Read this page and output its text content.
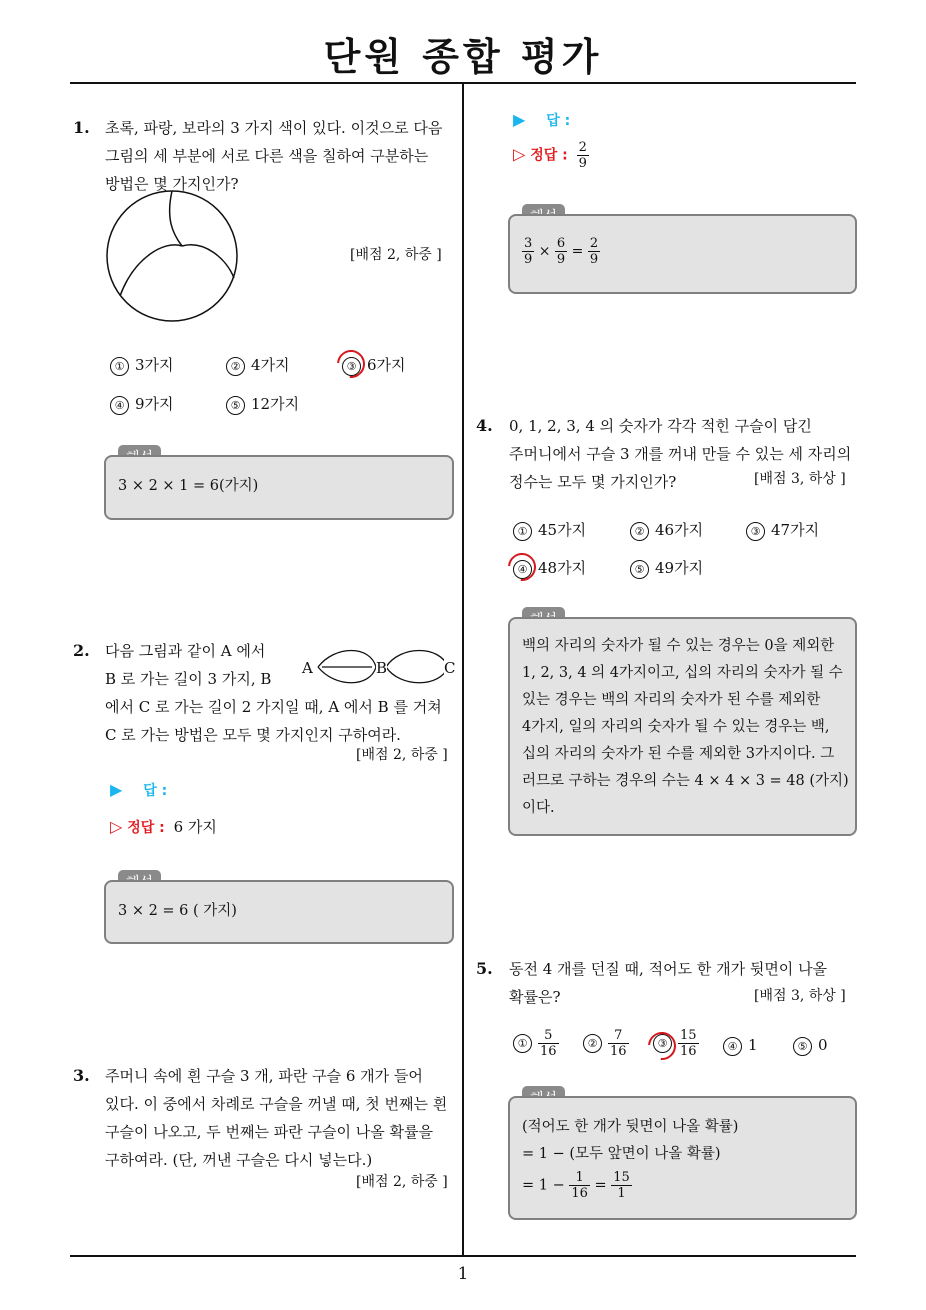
단원 종합 평가
1
1. 초록, 파랑, 보라의 3 가지 색이 있다. 이것으로 다음
그림의 세 부분에 서로 다른 색을 칠하여 구분하는
방법은 몇 가지인가?
[배점 2, 하중 ]
① 3가지	② 4가지	③ 6가지
④ 9가지	⑤ 12가지
3 × 2 × 1 = 6(가지)
2. 다음 그림과 같이 A 에서
B 로 가는 길이 3 가지, B
에서 C 로 가는 길이 2 가지일 때, A 에서 B 를 거쳐
C 로 가는 방법은 모두 몇 가지인지 구하여라.
A	B	C
[배점 2, 하중 ]
▶ 답 :
▷ 정답 : 6 가지
3 × 2 = 6 ( 가지)
3. 주머니 속에 흰 구슬 3 개, 파란 구슬 6 개가 들어
있다. 이 중에서 차례로 구슬을 꺼낼 때, 첫 번째는 흰
구슬이 나오고, 두 번째는 파란 구슬이 나올 확률을
구하여라. (단, 꺼낸 구슬은 다시 넣는다.)
[배점 2, 하중 ]
▶ 답 :
▷ 정답 : $\frac{2}{9}$
$\frac{3}{9} \times \frac{6}{9} = \frac{2}{9}$
4. 0, 1, 2, 3, 4 의 숫자가 각각 적힌 구슬이 담긴
주머니에서 구슬 3 개를 꺼내 만들 수 있는 세 자리의
정수는 모두 몇 가지인가?	[배점 3, 하상 ]
① 45가지	② 46가지	③ 47가지
④ 48가지	⑤ 49가지
백의 자리의 숫자가 될 수 있는 경우는 0을 제외한
1, 2, 3, 4 의 4가지이고, 십의 자리의 숫자가 될 수
있는 경우는 백의 자리의 숫자가 된 수를 제외한
4가지, 일의 자리의 숫자가 될 수 있는 경우는 백,
십의 자리의 숫자가 된 수를 제외한 3가지이다. 그
러므로 구하는 경우의 수는 4 × 4 × 3 = 48 (가지)
이다.
5. 동전 4 개를 던질 때, 적어도 한 개가 뒷면이 나올
확률은?	[배점 3, 하상 ]
① $\frac{5}{16}$	② $\frac{7}{16}$	③ $\frac{15}{16}$	④ 1	⑤ 0
(적어도 한 개가 뒷면이 나올 확률)
= 1 − (모두 앞면이 나올 확률)
= $1 - \frac{1}{16} = \frac{15}{1}$
